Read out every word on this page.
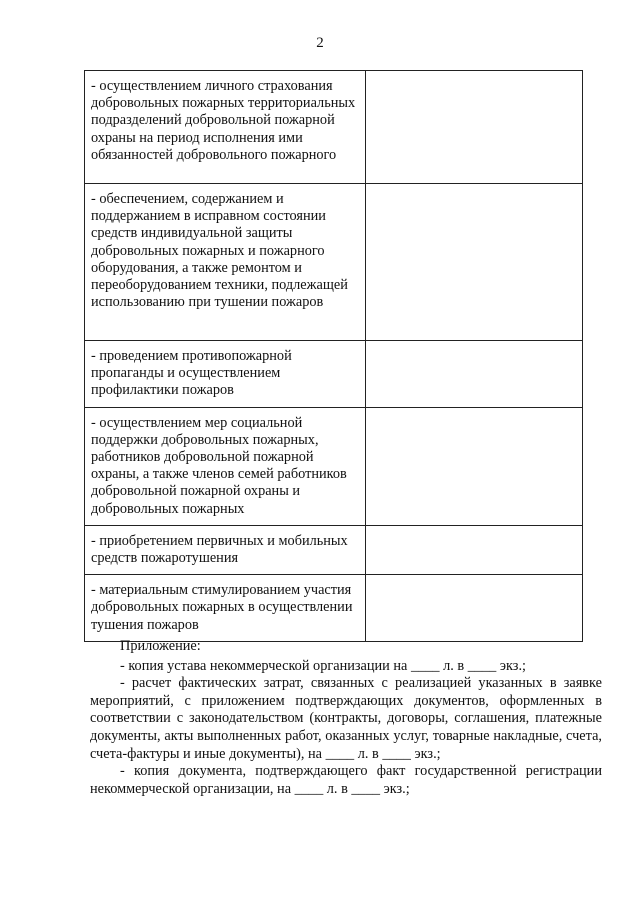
2
- осуществлением личного страхования добровольных пожарных территориальных подразделений добровольной пожарной охраны на период исполнения ими обязанностей добровольного пожарного	
- обеспечением, содержанием и поддержанием в исправном состоянии средств индивидуальной защиты добровольных пожарных и пожарного оборудования, а также ремонтом и переоборудованием техники, подлежащей использованию при тушении пожаров	
- проведением противопожарной пропаганды и осуществлением профилактики пожаров	
- осуществлением мер социальной поддержки добровольных пожарных, работников добровольной пожарной охраны, а также членов семей работников добровольной пожарной охраны и добровольных пожарных	
- приобретением первичных и мобильных средств пожаротушения	
- материальным стимулированием участия добровольных пожарных в осуществлении тушения пожаров	

Приложение:

- копия устава некоммерческой организации на ____ л. в ____ экз.;

- расчет фактических затрат, связанных с реализацией указанных в заявке мероприятий, с приложением подтверждающих документов, оформленных в соответствии с законодательством (контракты, договоры, соглашения, платежные документы, акты выполненных работ, оказанных услуг, товарные накладные, счета, счета-фактуры и иные документы), на ____ л. в ____ экз.;

- копия документа, подтверждающего факт государственной регистрации некоммерческой организации, на ____ л. в ____ экз.;
